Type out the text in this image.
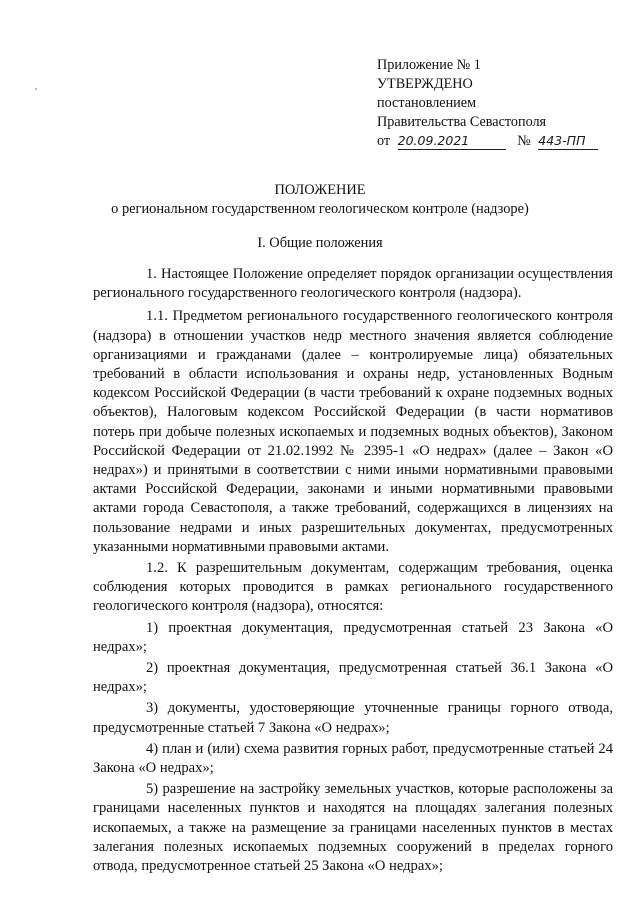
Приложение № 1
УТВЕРЖДЕНО
постановлением
Правительства Севастополя
от 20.09.2021	№ 443-ПП
ПОЛОЖЕНИЕ
о региональном государственном геологическом контроле (надзоре)
I. Общие положения
1. Настоящее Положение определяет порядок организации осуществления регионального государственного геологического контроля (надзора).
1.1. Предметом регионального государственного геологического контроля (надзора) в отношении участков недр местного значения является соблюдение организациями и гражданами (далее – контролируемые лица) обязательных требований в области использования и охраны недр, установленных Водным кодексом Российской Федерации (в части требований к охране подземных водных объектов), Налоговым кодексом Российской Федерации (в части нормативов потерь при добыче полезных ископаемых и подземных водных объектов), Законом Российской Федерации от 21.02.1992 № 2395-1 «О недрах» (далее – Закон «О недрах») и принятыми в соответствии с ними иными нормативными правовыми актами Российской Федерации, законами и иными нормативными правовыми актами города Севастополя, а также требований, содержащихся в лицензиях на пользование недрами и иных разрешительных документах, предусмотренных указанными нормативными правовыми актами.
1.2. К разрешительным документам, содержащим требования, оценка соблюдения которых проводится в рамках регионального государственного геологического контроля (надзора), относятся:
1) проектная документация, предусмотренная статьей 23 Закона «О недрах»;
2) проектная документация, предусмотренная статьей 36.1 Закона «О недрах»;
3) документы, удостоверяющие уточненные границы горного отвода, предусмотренные статьей 7 Закона «О недрах»;
4) план и (или) схема развития горных работ, предусмотренные статьей 24 Закона «О недрах»;
5) разрешение на застройку земельных участков, которые расположены за границами населенных пунктов и находятся на площадях залегания полезных ископаемых, а также на размещение за границами населенных пунктов в местах залегания полезных ископаемых подземных сооружений в пределах горного отвода, предусмотренное статьей 25 Закона «О недрах»;
